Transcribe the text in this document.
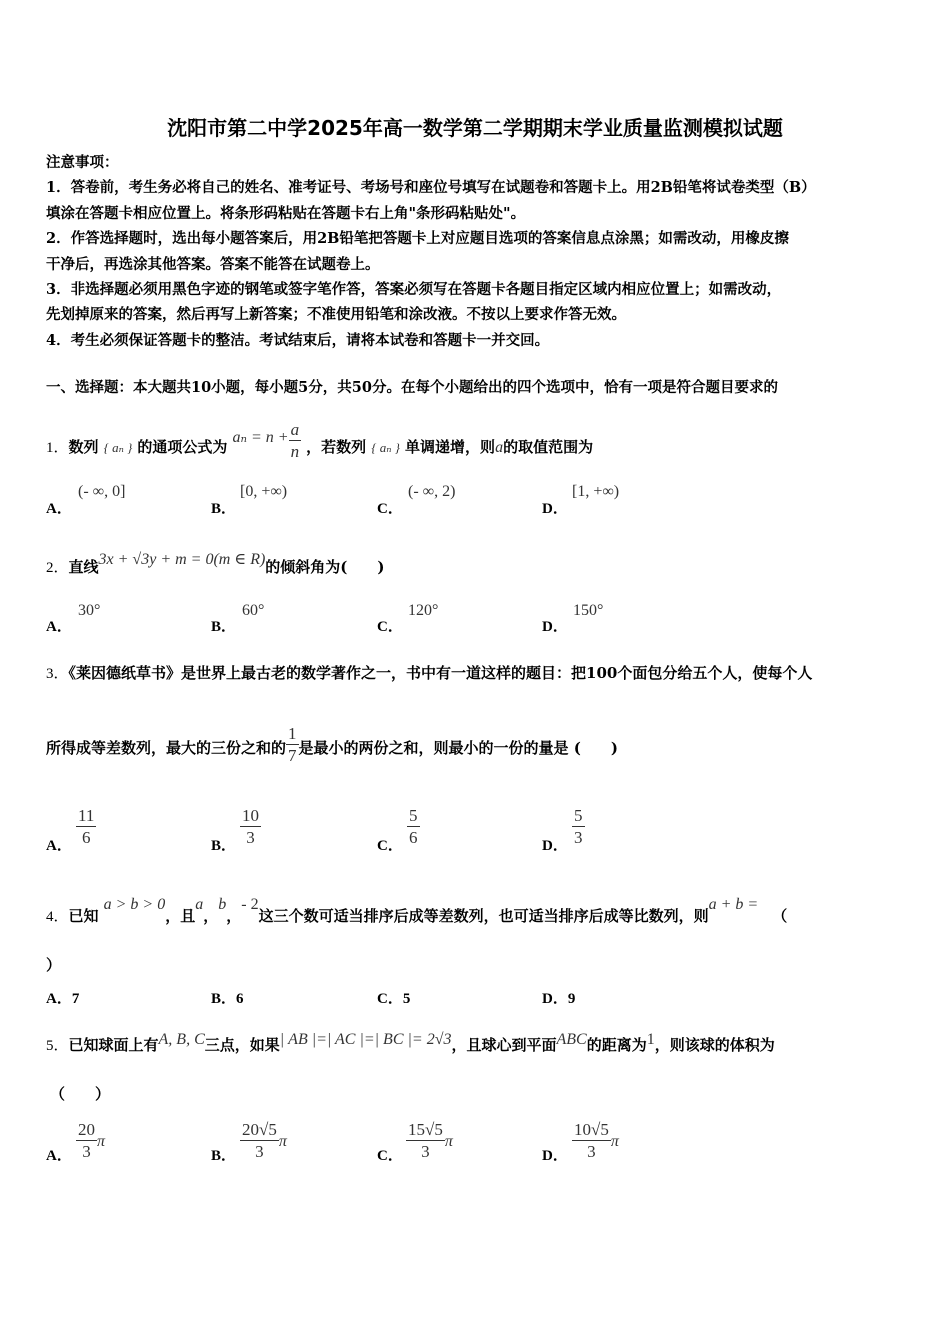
沈阳市第二中学2025年高一数学第二学期期末学业质量监测模拟试题

注意事项：

1．答卷前，考生务必将自己的姓名、准考证号、考场号和座位号填写在试题卷和答题卡上。用2B铅笔将试卷类型（B）

填涂在答题卡相应位置上。将条形码粘贴在答题卡右上角"条形码粘贴处"。

2．作答选择题时，选出每小题答案后，用2B铅笔把答题卡上对应题目选项的答案信息点涂黑；如需改动，用橡皮擦

干净后，再选涂其他答案。答案不能答在试题卷上。

3．非选择题必须用黑色字迹的钢笔或签字笔作答，答案必须写在答题卡各题目指定区域内相应位置上；如需改动，

先划掉原来的答案，然后再写上新答案；不准使用铅笔和涂改液。不按以上要求作答无效。

4．考生必须保证答题卡的整洁。考试结束后，请将本试卷和答题卡一并交回。

一、选择题：本大题共10小题，每小题5分，共50分。在每个小题给出的四个选项中，恰有一项是符合题目要求的
1．数列 { aₙ } 的通项公式为 $a_n = n + \frac{a}{n}$ ，若数列 { aₙ } 单调递增，则a的取值范围为
A．
(- ∞, 0]
B．
[0, +∞)
C．
(- ∞, 2)
D．
[1, +∞)
2．直线3x + √3y + m = 0(m ∈ R)的倾斜角为(　　)
A．
30°
B．
60°
C．
120°
D．
150°
3．《莱因德纸草书》是世界上最古老的数学著作之一，书中有一道这样的题目：把100个面包分给五个人，使每个人
所得成等差数列，最大的三份之和的 $\frac{1}{7}$ 是最小的两份之和，则最小的一份的量是 (　　)
A． $\frac{11}{6}$	B． $\frac{10}{3}$	C． $\frac{5}{6}$	D． $\frac{5}{3}$
4．已知 a > b > 0，且a，b，- 2这三个数可适当排序后成等差数列，也可适当排序后成等比数列，则a + b =（
）
A．7	B．6	C．5	D．9
5．已知球面上有A, B, C三点，如果| AB |=| AC |=| BC |= 2√3，且球心到平面ABC的距离为1，则该球的体积为
（　　）
A． $\frac{20}{3}$ π
B． $\frac{20√5}{3}$ π
C． $\frac{15√5}{3}$ π
D． $\frac{10√5}{3}$ π
